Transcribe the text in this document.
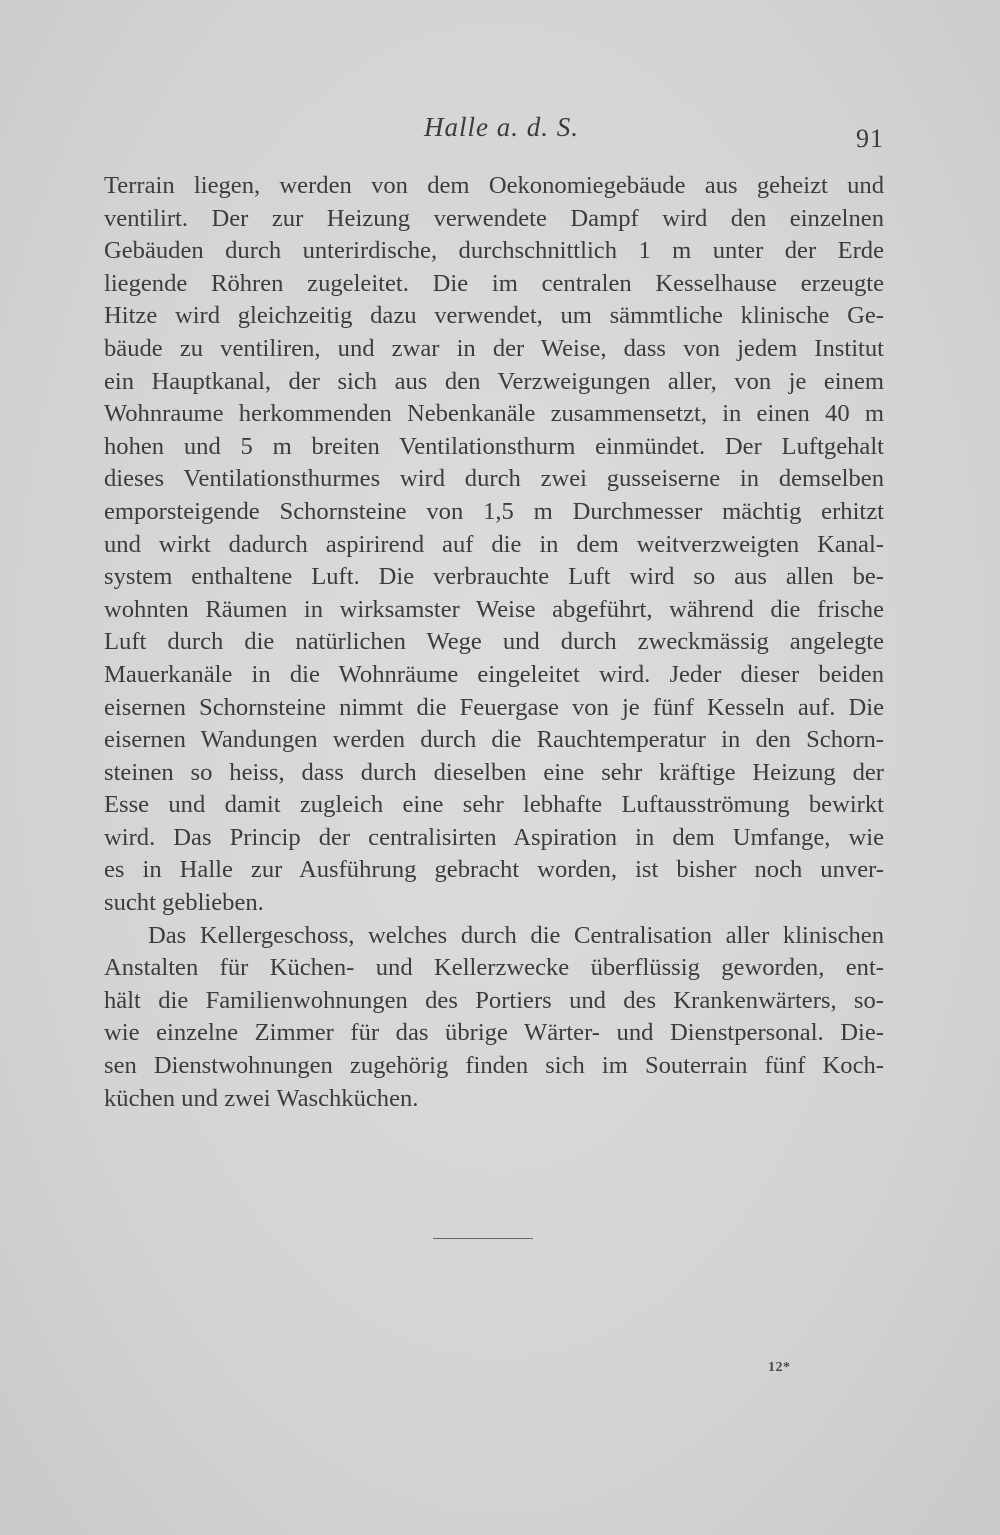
Halle a. d. S.	91
Terrain liegen, werden von dem Oekonomiegebäude aus geheizt und
ventilirt. Der zur Heizung verwendete Dampf wird den einzelnen
Gebäuden durch unterirdische, durchschnittlich 1 m unter der Erde
liegende Röhren zugeleitet. Die im centralen Kesselhause erzeugte
Hitze wird gleichzeitig dazu verwendet, um sämmtliche klinische Ge-
bäude zu ventiliren, und zwar in der Weise, dass von jedem Institut
ein Hauptkanal, der sich aus den Verzweigungen aller, von je einem
Wohnraume herkommenden Nebenkanäle zusammensetzt, in einen 40 m
hohen und 5 m breiten Ventilationsthurm einmündet. Der Luftgehalt
dieses Ventilationsthurmes wird durch zwei gusseiserne in demselben
emporsteigende Schornsteine von 1,5 m Durchmesser mächtig erhitzt
und wirkt dadurch aspirirend auf die in dem weitverzweigten Kanal-
system enthaltene Luft. Die verbrauchte Luft wird so aus allen be-
wohnten Räumen in wirksamster Weise abgeführt, während die frische
Luft durch die natürlichen Wege und durch zweckmässig angelegte
Mauerkanäle in die Wohnräume eingeleitet wird. Jeder dieser beiden
eisernen Schornsteine nimmt die Feuergase von je fünf Kesseln auf. Die
eisernen Wandungen werden durch die Rauchtemperatur in den Schorn-
steinen so heiss, dass durch dieselben eine sehr kräftige Heizung der
Esse und damit zugleich eine sehr lebhafte Luftausströmung bewirkt
wird. Das Princip der centralisirten Aspiration in dem Umfange, wie
es in Halle zur Ausführung gebracht worden, ist bisher noch unver-
sucht geblieben.
Das Kellergeschoss, welches durch die Centralisation aller klinischen
Anstalten für Küchen- und Kellerzwecke überflüssig geworden, ent-
hält die Familienwohnungen des Portiers und des Krankenwärters, so-
wie einzelne Zimmer für das übrige Wärter- und Dienstpersonal. Die-
sen Dienstwohnungen zugehörig finden sich im Souterrain fünf Koch-
küchen und zwei Waschküchen.
12*
